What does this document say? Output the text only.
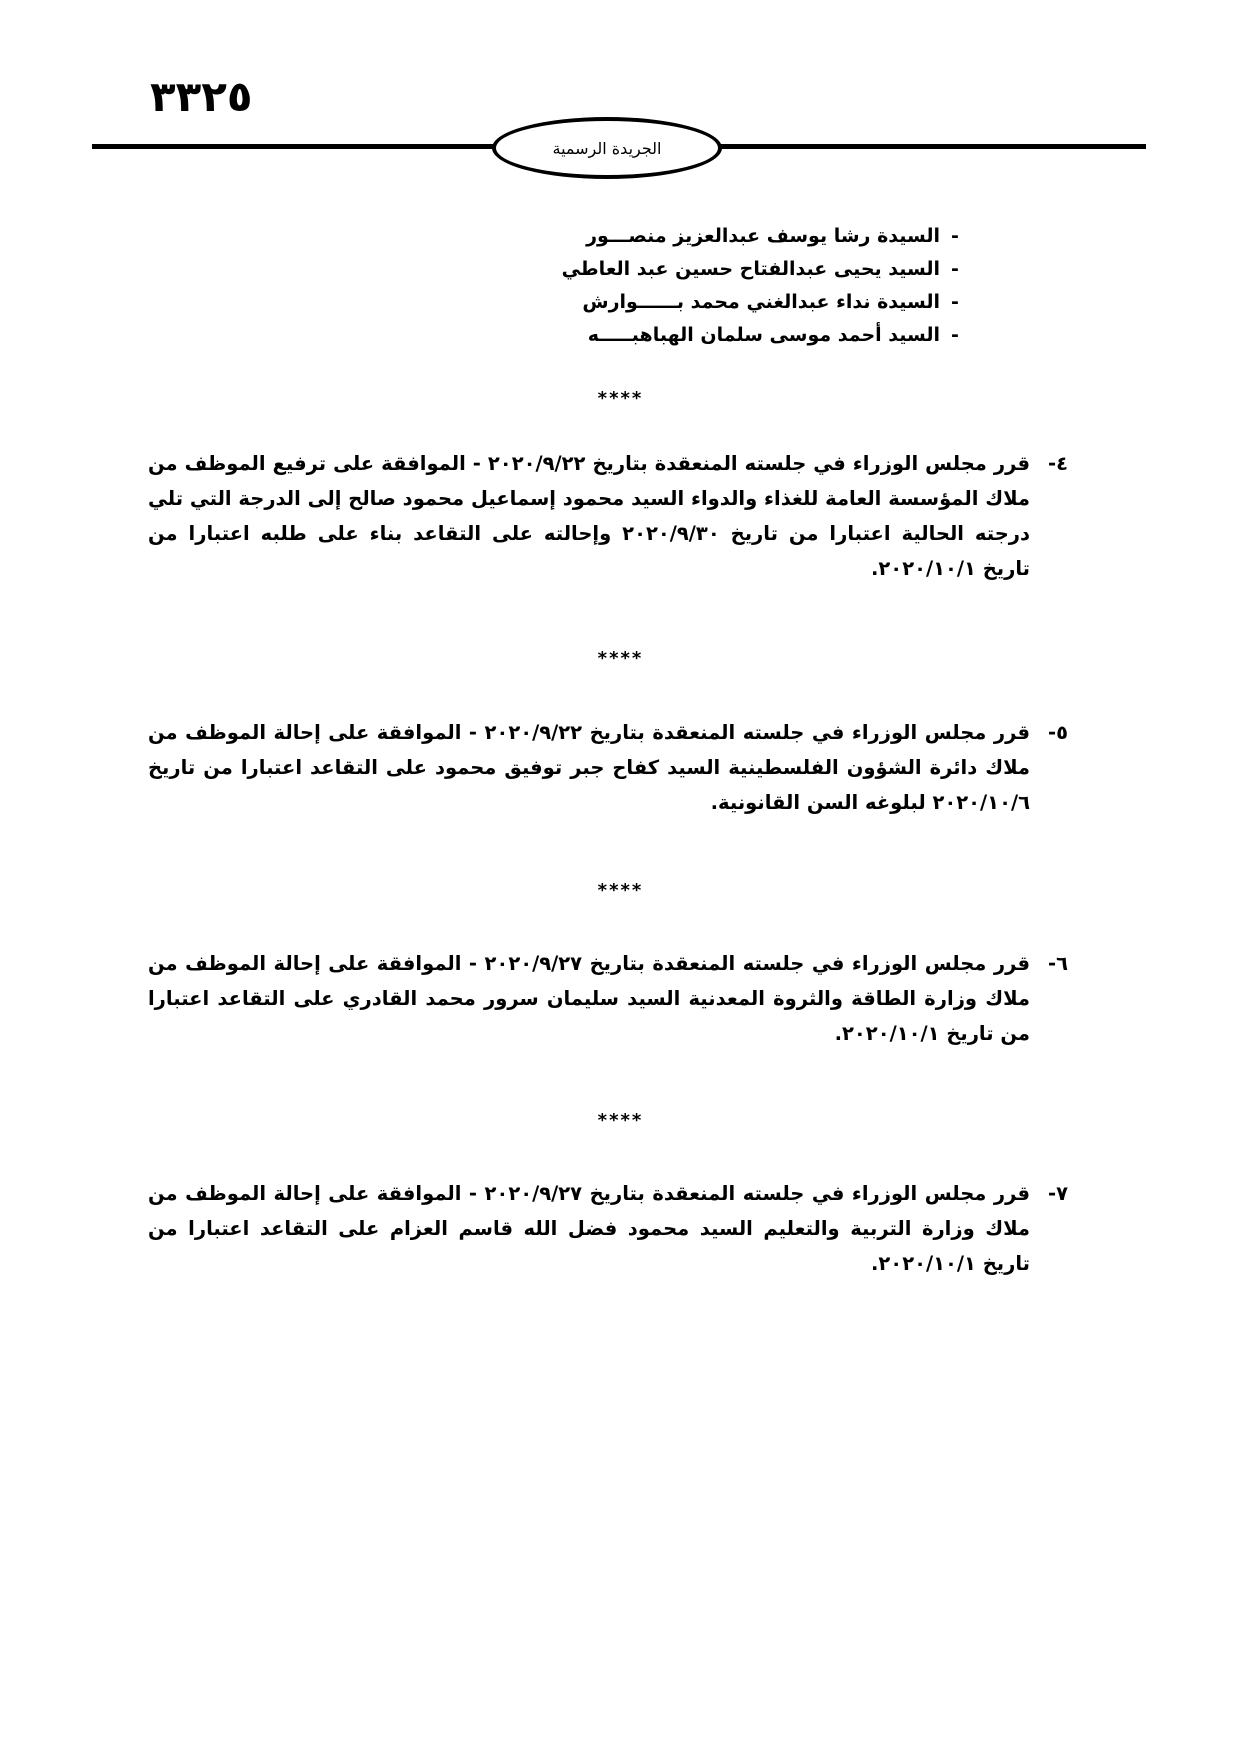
٣٣٢٥
الجريدة الرسمية
-
السيدة رشا يوسف عبدالعزيز منصـــور
-
السيد يحيى عبدالفتاح حسين عبد العاطي
-
السيدة نداء عبدالغني محمد بــــــوارش
-
السيد أحمد موسى سلمان الهباهبـــــه
****
٤-
قرر مجلس الوزراء في جلسته المنعقدة بتاريخ ٢٠٢٠/٩/٢٢ - الموافقة على ترفيع الموظف من ملاك المؤسسة العامة للغذاء والدواء السيد محمود إسماعيل محمود صالح إلى الدرجة التي تلي درجته الحالية اعتبارا من تاريخ ٢٠٢٠/٩/٣٠ وإحالته على التقاعد بناء على طلبه اعتبارا من تاريخ ٢٠٢٠/١٠/١.
****
٥-
قرر مجلس الوزراء في جلسته المنعقدة بتاريخ ٢٠٢٠/٩/٢٢ - الموافقة على إحالة الموظف من ملاك دائرة الشؤون الفلسطينية السيد كفاح جبر توفيق محمود على التقاعد اعتبارا من تاريخ ٢٠٢٠/١٠/٦ لبلوغه السن القانونية.
****
٦-
قرر مجلس الوزراء في جلسته المنعقدة بتاريخ ٢٠٢٠/٩/٢٧ - الموافقة على إحالة الموظف من ملاك وزارة الطاقة والثروة المعدنية السيد سليمان سرور محمد القادري على التقاعد اعتبارا من تاريخ ٢٠٢٠/١٠/١.
****
٧-
قرر مجلس الوزراء في جلسته المنعقدة بتاريخ ٢٠٢٠/٩/٢٧ - الموافقة على إحالة الموظف من ملاك وزارة التربية والتعليم السيد محمود فضل الله قاسم العزام على التقاعد اعتبارا من تاريخ ٢٠٢٠/١٠/١.
